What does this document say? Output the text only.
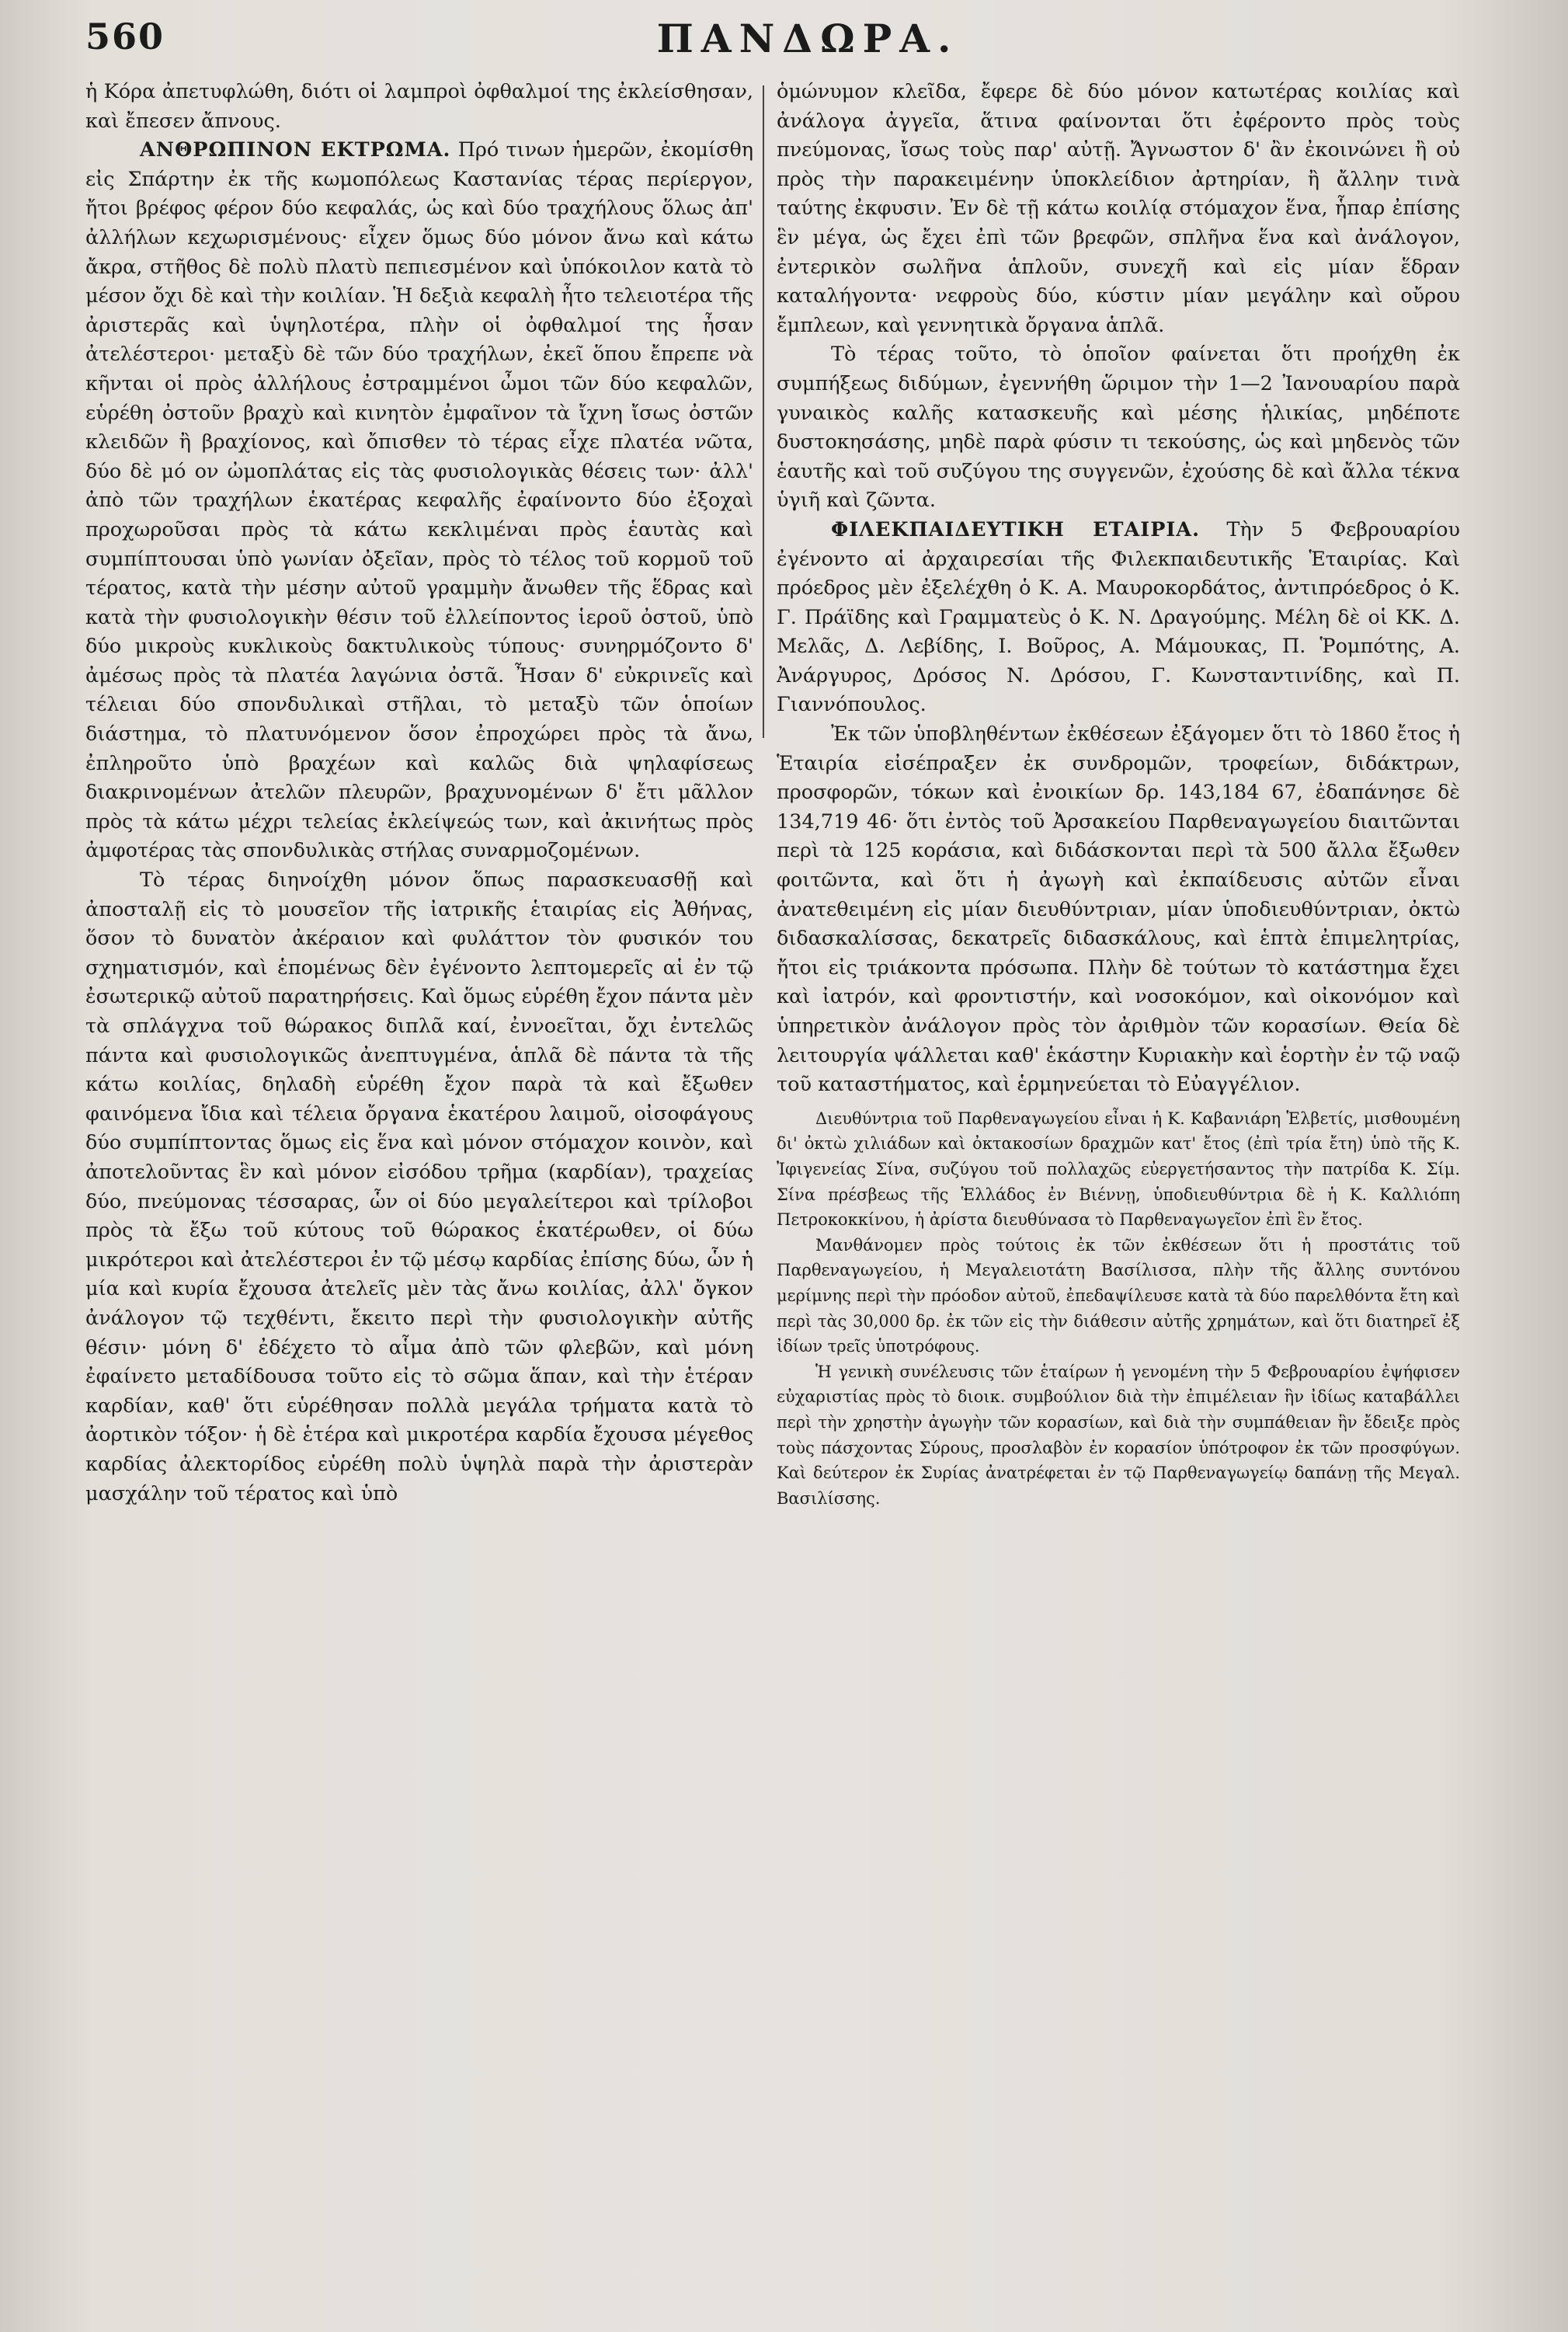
560	ΠΑΝΔΩΡΑ.

ἡ Κόρα ἀπετυφλώθη, διότι οἱ λαμπροὶ ὀφθαλμοί της ἐκλείσθησαν, καὶ ἔπεσεν ἄπνους.

ΑΝΘΡΩΠΙΝΟΝ ΕΚΤΡΩΜΑ. Πρό τινων ἡμερῶν, ἐκομίσθη εἰς Σπάρτην ἐκ τῆς κωμοπόλεως Καστανίας τέρας περίεργον, ἤτοι βρέφος φέρον δύο κεφαλάς, ὡς καὶ δύο τραχήλους ὅλως ἀπ' ἀλλήλων κεχωρισμένους· εἶχεν ὅμως δύο μόνον ἄνω καὶ κάτω ἄκρα, στῆθος δὲ πολὺ πλατὺ πεπιεσμένον καὶ ὑπόκοιλον κατὰ τὸ μέσον ὄχι δὲ καὶ τὴν κοιλίαν. Ἡ δεξιὰ κεφαλὴ ἦτο τελειοτέρα τῆς ἀριστερᾶς καὶ ὑψηλοτέρα, πλὴν οἱ ὀφθαλμοί της ἦσαν ἀτελέστεροι· μεταξὺ δὲ τῶν δύο τραχήλων, ἐκεῖ ὅπου ἔπρεπε νὰ κῆνται οἱ πρὸς ἀλλήλους ἐστραμμένοι ὦμοι τῶν δύο κεφαλῶν, εὑρέθη ὀστοῦν βραχὺ καὶ κινητὸν ἐμφαῖνον τὰ ἴχνη ἴσως ὀστῶν κλειδῶν ἢ βραχίονος, καὶ ὄπισθεν τὸ τέρας εἶχε πλατέα νῶτα, δύο δὲ μό ον ὠμοπλάτας εἰς τὰς φυσιολογικὰς θέσεις των· ἀλλ' ἀπὸ τῶν τραχήλων ἑκατέρας κεφαλῆς ἐφαίνοντο δύο ἐξοχαὶ προχωροῦσαι πρὸς τὰ κάτω κεκλιμέναι πρὸς ἑαυτὰς καὶ συμπίπτουσαι ὑπὸ γωνίαν ὀξεῖαν, πρὸς τὸ τέλος τοῦ κορμοῦ τοῦ τέρατος, κατὰ τὴν μέσην αὐτοῦ γραμμὴν ἄνωθεν τῆς ἕδρας καὶ κατὰ τὴν φυσιολογικὴν θέσιν τοῦ ἐλλείποντος ἱεροῦ ὀστοῦ, ὑπὸ δύο μικροὺς κυκλικοὺς δακτυλικοὺς τύπους· συνηρμόζοντο δ' ἀμέσως πρὸς τὰ πλατέα λαγώνια ὀστᾶ. Ἦσαν δ' εὐκρινεῖς καὶ τέλειαι δύο σπονδυλικαὶ στῆλαι, τὸ μεταξὺ τῶν ὁποίων διάστημα, τὸ πλατυνόμενον ὅσον ἐπροχώρει πρὸς τὰ ἄνω, ἐπληροῦτο ὑπὸ βραχέων καὶ καλῶς διὰ ψηλαφίσεως διακρινομένων ἀτελῶν πλευρῶν, βραχυνομένων δ' ἔτι μᾶλλον πρὸς τὰ κάτω μέχρι τελείας ἐκλείψεώς των, καὶ ἀκινήτως πρὸς ἀμφοτέρας τὰς σπονδυλικὰς στήλας συναρμοζομένων.

Τὸ τέρας διηνοίχθη μόνον ὅπως παρασκευασθῇ καὶ ἀποσταλῇ εἰς τὸ μουσεῖον τῆς ἰατρικῆς ἑταιρίας εἰς Ἀθήνας, ὅσον τὸ δυνατὸν ἀκέραιον καὶ φυλάττον τὸν φυσικόν του σχηματισμόν, καὶ ἑπομένως δὲν ἐγένοντο λεπτομερεῖς αἱ ἐν τῷ ἐσωτερικῷ αὐτοῦ παρατηρήσεις. Καὶ ὅμως εὑρέθη ἔχον πάντα μὲν τὰ σπλάγχνα τοῦ θώρακος διπλᾶ καί, ἐννοεῖται, ὄχι ἐντελῶς πάντα καὶ φυσιολογικῶς ἀνεπτυγμένα, ἁπλᾶ δὲ πάντα τὰ τῆς κάτω κοιλίας, δηλαδὴ εὑρέθη ἔχον παρὰ τὰ καὶ ἔξωθεν φαινόμενα ἴδια καὶ τέλεια ὄργανα ἑκατέρου λαιμοῦ, οἰσοφάγους δύο συμπίπτοντας ὅμως εἰς ἕνα καὶ μόνον στόμαχον κοινὸν, καὶ ἀποτελοῦντας ἓν καὶ μόνον εἰσόδου τρῆμα (καρδίαν), τραχείας δύο, πνεύμονας τέσσαρας, ὧν οἱ δύο μεγαλείτεροι καὶ τρίλοβοι πρὸς τὰ ἔξω τοῦ κύτους τοῦ θώρακος ἑκατέρωθεν, οἱ δύω μικρότεροι καὶ ἀτελέστεροι ἐν τῷ μέσῳ καρδίας ἐπίσης δύω, ὧν ἡ μία καὶ κυρία ἔχουσα ἀτελεῖς μὲν τὰς ἄνω κοιλίας, ἀλλ' ὄγκον ἀνάλογον τῷ τεχθέντι, ἔκειτο περὶ τὴν φυσιολογικὴν αὐτῆς θέσιν· μόνη δ' ἐδέχετο τὸ αἷμα ἀπὸ τῶν φλεβῶν, καὶ μόνη ἐφαίνετο μεταδίδουσα τοῦτο εἰς τὸ σῶμα ἅπαν, καὶ τὴν ἑτέραν καρδίαν, καθ' ὅτι εὑρέθησαν πολλὰ μεγάλα τρήματα κατὰ τὸ ἀορτικὸν τόξον· ἡ δὲ ἑτέρα καὶ μικροτέρα καρδία ἔχουσα μέγεθος καρδίας ἀλεκτορίδος εὑρέθη πολὺ ὑψηλὰ παρὰ τὴν ἀριστερὰν μασχάλην τοῦ τέρατος καὶ ὑπὸ

ὁμώνυμον κλεῖδα, ἔφερε δὲ δύο μόνον κατωτέρας κοιλίας καὶ ἀνάλογα ἀγγεῖα, ἅτινα φαίνονται ὅτι ἐφέροντο πρὸς τοὺς πνεύμονας, ἴσως τοὺς παρ' αὐτῇ. Ἄγνωστον δ' ἂν ἐκοινώνει ἢ οὐ πρὸς τὴν παρακειμένην ὑποκλείδιον ἀρτηρίαν, ἢ ἄλλην τινὰ ταύτης ἐκφυσιν. Ἐν δὲ τῇ κάτω κοιλίᾳ στόμαχον ἕνα, ἧπαρ ἐπίσης ἓν μέγα, ὡς ἔχει ἐπὶ τῶν βρεφῶν, σπλῆνα ἕνα καὶ ἀνάλογον, ἐντερικὸν σωλῆνα ἁπλοῦν, συνεχῆ καὶ εἰς μίαν ἕδραν καταλήγοντα· νεφροὺς δύο, κύστιν μίαν μεγάλην καὶ οὔρου ἔμπλεων, καὶ γεννητικὰ ὄργανα ἁπλᾶ.

Τὸ τέρας τοῦτο, τὸ ὁποῖον φαίνεται ὅτι προήχθη ἐκ συμπήξεως διδύμων, ἐγεννήθη ὥριμον τὴν 1—2 Ἰανουαρίου παρὰ γυναικὸς καλῆς κατασκευῆς καὶ μέσης ἡλικίας, μηδέποτε δυστοκησάσης, μηδὲ παρὰ φύσιν τι τεκούσης, ὡς καὶ μηδενὸς τῶν ἑαυτῆς καὶ τοῦ συζύγου της συγγενῶν, ἐχούσης δὲ καὶ ἄλλα τέκνα ὑγιῆ καὶ ζῶντα.

ΦΙΛΕΚΠΑΙΔΕΥΤΙΚΗ ΕΤΑΙΡΙΑ. Τὴν 5 Φεβρουαρίου ἐγένοντο αἱ ἀρχαιρεσίαι τῆς Φιλεκπαιδευτικῆς Ἑταιρίας. Καὶ πρόεδρος μὲν ἐξελέχθη ὁ Κ. Α. Μαυροκορδάτος, ἀντιπρόεδρος ὁ Κ. Γ. Πράϊδης καὶ Γραμματεὺς ὁ Κ. Ν. Δραγούμης. Μέλη δὲ οἱ ΚΚ. Δ. Μελᾶς, Δ. Λεβίδης, Ι. Βοῦρος, Α. Μάμουκας, Π. Ῥομπότης, Α. Ἀνάργυρος, Δρόσος Ν. Δρόσου, Γ. Κωνσταντινίδης, καὶ Π. Γιαννόπουλος.

Ἐκ τῶν ὑποβληθέντων ἐκθέσεων ἐξάγομεν ὅτι τὸ 1860 ἔτος ἡ Ἑταιρία εἰσέπραξεν ἐκ συνδρομῶν, τροφείων, διδάκτρων, προσφορῶν, τόκων καὶ ἐνοικίων δρ. 143,184 67, ἐδαπάνησε δὲ 134,719 46· ὅτι ἐντὸς τοῦ Ἀρσακείου Παρθεναγωγείου διαιτῶνται περὶ τὰ 125 κοράσια, καὶ διδάσκονται περὶ τὰ 500 ἄλλα ἔξωθεν φοιτῶντα, καὶ ὅτι ἡ ἀγωγὴ καὶ ἐκπαίδευσις αὐτῶν εἶναι ἀνατεθειμένη εἰς μίαν διευθύντριαν, μίαν ὑποδιευθύντριαν, ὀκτὼ διδασκαλίσσας, δεκατρεῖς διδασκάλους, καὶ ἑπτὰ ἐπιμελητρίας, ἤτοι εἰς τριάκοντα πρόσωπα. Πλὴν δὲ τούτων τὸ κατάστημα ἔχει καὶ ἰατρόν, καὶ φροντιστήν, καὶ νοσοκόμον, καὶ οἰκονόμον καὶ ὑπηρετικὸν ἀνάλογον πρὸς τὸν ἀριθμὸν τῶν κορασίων. Θεία δὲ λειτουργία ψάλλεται καθ' ἑκάστην Κυριακὴν καὶ ἑορτὴν ἐν τῷ ναῷ τοῦ καταστήματος, καὶ ἑρμηνεύεται τὸ Εὐαγγέλιον.

Διευθύντρια τοῦ Παρθεναγωγείου εἶναι ἡ Κ. Καβανιάρη Ἑλβετίς, μισθουμένη δι' ὀκτὼ χιλιάδων καὶ ὀκτακοσίων δραχμῶν κατ' ἔτος (ἐπὶ τρία ἔτη) ὑπὸ τῆς Κ. Ἰφιγενείας Σίνα, συζύγου τοῦ πολλαχῶς εὐεργετήσαντος τὴν πατρίδα Κ. Σίμ. Σίνα πρέσβεως τῆς Ἑλλάδος ἐν Βιέννῃ, ὑποδιευθύντρια δὲ ἡ Κ. Καλλιόπη Πετροκοκκίνου, ἡ ἀρίστα διευθύνασα τὸ Παρθεναγωγεῖον ἐπὶ ἓν ἔτος.

Μανθάνομεν πρὸς τούτοις ἐκ τῶν ἐκθέσεων ὅτι ἡ προστάτις τοῦ Παρθεναγωγείου, ἡ Μεγαλειοτάτη Βασίλισσα, πλὴν τῆς ἄλλης συντόνου μερίμνης περὶ τὴν πρόοδον αὐτοῦ, ἐπεδαψίλευσε κατὰ τὰ δύο παρελθόντα ἔτη καὶ περὶ τὰς 30,000 δρ. ἐκ τῶν εἰς τὴν διάθεσιν αὐτῆς χρημάτων, καὶ ὅτι διατηρεῖ ἐξ ἰδίων τρεῖς ὑποτρόφους.

Ἡ γενικὴ συνέλευσις τῶν ἑταίρων ἡ γενομένη τὴν 5 Φεβρουαρίου ἐψήφισεν εὐχαριστίας πρὸς τὸ διοικ. συμβούλιον διὰ τὴν ἐπιμέλειαν ἣν ἰδίως καταβάλλει περὶ τὴν χρηστὴν ἀγωγὴν τῶν κορασίων, καὶ διὰ τὴν συμπάθειαν ἣν ἔδειξε πρὸς τοὺς πάσχοντας Σύρους, προσλαβὸν ἐν κορασίον ὑπότροφον ἐκ τῶν προσφύγων. Καὶ δεύτερον ἐκ Συρίας ἀνατρέφεται ἐν τῷ Παρθεναγωγείῳ δαπάνῃ τῆς Μεγαλ. Βασιλίσσης.
